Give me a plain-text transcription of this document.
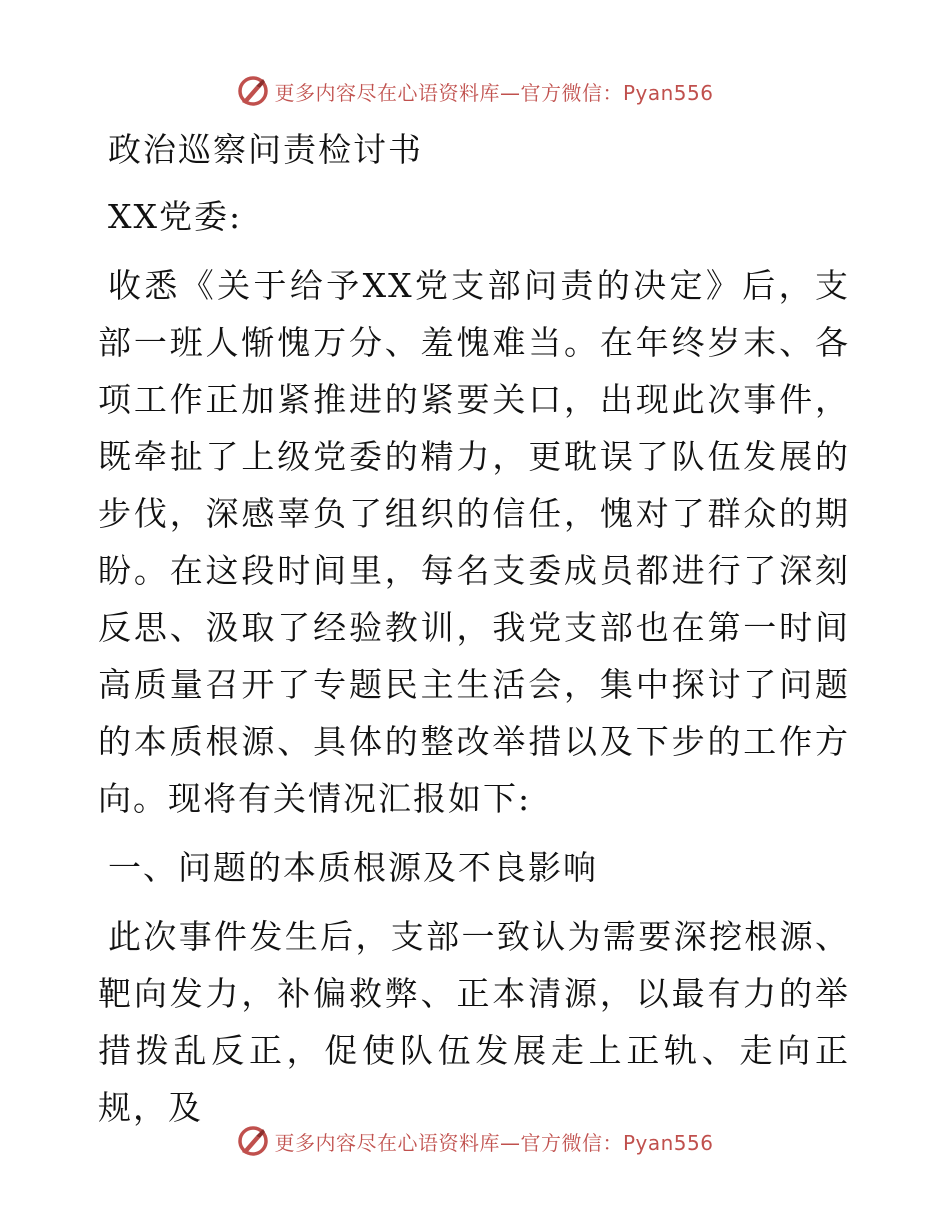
更多内容尽在心语资料库—官方微信：Pyan556

政治巡察问责检讨书

XX党委:

收悉《关于给予XX党支部问责的决定》后，支部一班人惭愧万分、羞愧难当。在年终岁末、各项工作正加紧推进的紧要关口，出现此次事件，既牵扯了上级党委的精力，更耽误了队伍发展的步伐，深感辜负了组织的信任，愧对了群众的期盼。在这段时间里，每名支委成员都进行了深刻反思、汲取了经验教训，我党支部也在第一时间高质量召开了专题民主生活会，集中探讨了问题的本质根源、具体的整改举措以及下步的工作方向。现将有关情况汇报如下:

一、问题的本质根源及不良影响

此次事件发生后，支部一致认为需要深挖根源、靶向发力，补偏救弊、正本清源，以最有力的举措拨乱反正，促使队伍发展走上正轨、走向正规，及

更多内容尽在心语资料库—官方微信：Pyan556
